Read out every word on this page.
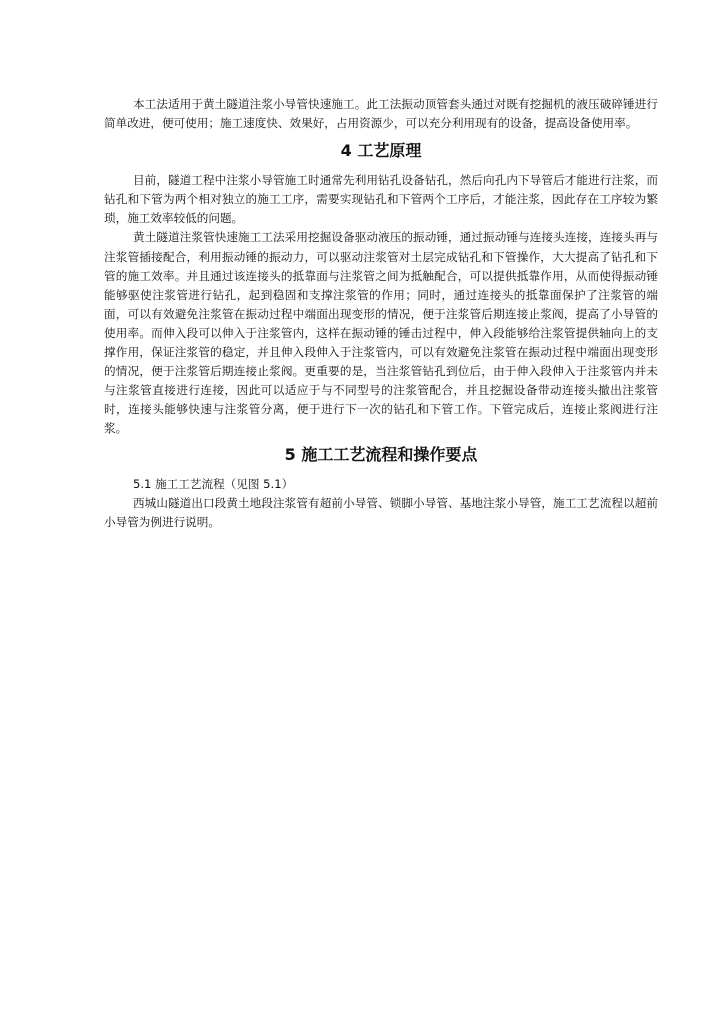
本工法适用于黄土隧道注浆小导管快速施工。此工法振动顶管套头通过对既有挖掘机的液压破碎锤进行简单改进，便可使用；施工速度快、效果好，占用资源少，可以充分利用现有的设备，提高设备使用率。

4 工艺原理

目前，隧道工程中注浆小导管施工时通常先利用钻孔设备钻孔，然后向孔内下导管后才能进行注浆，而钻孔和下管为两个相对独立的施工工序，需要实现钻孔和下管两个工序后，才能注浆，因此存在工序较为繁琐，施工效率较低的问题。

黄土隧道注浆管快速施工工法采用挖掘设备驱动液压的振动锤，通过振动锤与连接头连接，连接头再与注浆管插接配合，利用振动锤的振动力，可以驱动注浆管对土层完成钻孔和下管操作，大大提高了钻孔和下管的施工效率。并且通过该连接头的抵靠面与注浆管之间为抵触配合，可以提供抵靠作用，从而使得振动锤能够驱使注浆管进行钻孔，起到稳固和支撑注浆管的作用；同时，通过连接头的抵靠面保护了注浆管的端面，可以有效避免注浆管在振动过程中端面出现变形的情况，便于注浆管后期连接止浆阀，提高了小导管的使用率。而伸入段可以伸入于注浆管内，这样在振动锤的锤击过程中，伸入段能够给注浆管提供轴向上的支撑作用，保证注浆管的稳定，并且伸入段伸入于注浆管内，可以有效避免注浆管在振动过程中端面出现变形的情况，便于注浆管后期连接止浆阀。更重要的是，当注浆管钻孔到位后，由于伸入段伸入于注浆管内并未与注浆管直接进行连接，因此可以适应于与不同型号的注浆管配合，并且挖掘设备带动连接头撤出注浆管时，连接头能够快速与注浆管分离，便于进行下一次的钻孔和下管工作。下管完成后，连接止浆阀进行注浆。

5 施工工艺流程和操作要点

5.1 施工工艺流程（见图 5.1）

西城山隧道出口段黄土地段注浆管有超前小导管、锁脚小导管、基地注浆小导管，施工工艺流程以超前小导管为例进行说明。
